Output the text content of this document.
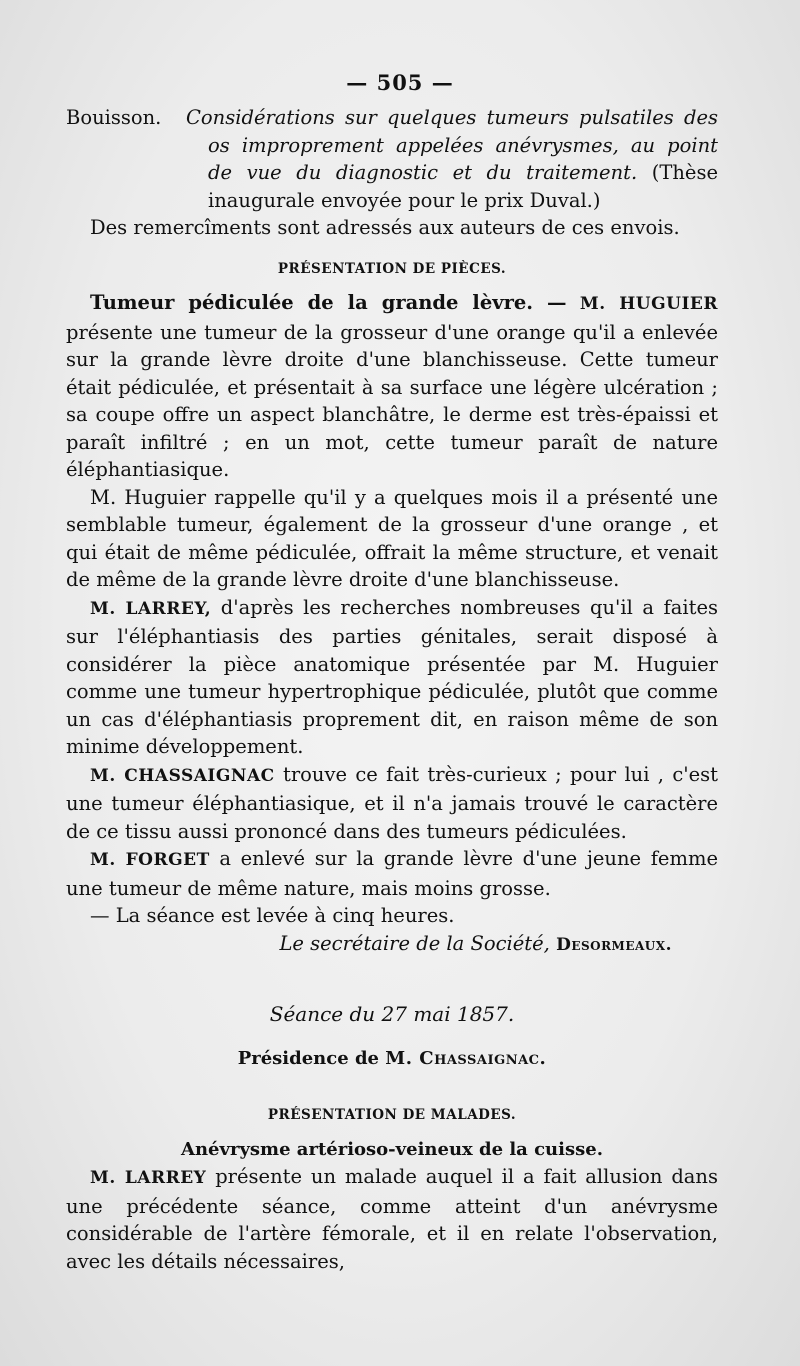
— 505 —
Bouisson.	Considérations sur quelques tumeurs pulsatiles des os improprement appelées anévrysmes, au point de vue du diagnostic et du traitement. (Thèse inaugurale envoyée pour le prix Duval.)

Des remercîments sont adressés aux auteurs de ces envois.

PRÉSENTATION DE PIÈCES.

Tumeur pédiculée de la grande lèvre. — M. HUGUIER présente une tumeur de la grosseur d'une orange qu'il a enlevée sur la grande lèvre droite d'une blanchisseuse. Cette tumeur était pédiculée, et présentait à sa surface une légère ulcération ; sa coupe offre un aspect blanchâtre, le derme est très-épaissi et paraît infiltré ; en un mot, cette tumeur paraît de nature éléphantiasique.

M. Huguier rappelle qu'il y a quelques mois il a présenté une semblable tumeur, également de la grosseur d'une orange , et qui était de même pédiculée, offrait la même structure, et venait de même de la grande lèvre droite d'une blanchisseuse.

M. LARREY, d'après les recherches nombreuses qu'il a faites sur l'éléphantiasis des parties génitales, serait disposé à considérer la pièce anatomique présentée par M. Huguier comme une tumeur hypertrophique pédiculée, plutôt que comme un cas d'éléphantiasis proprement dit, en raison même de son minime développement.

M. CHASSAIGNAC trouve ce fait très-curieux ; pour lui , c'est une tumeur éléphantiasique, et il n'a jamais trouvé le caractère de ce tissu aussi prononcé dans des tumeurs pédiculées.

M. FORGET a enlevé sur la grande lèvre d'une jeune femme une tumeur de même nature, mais moins grosse.

— La séance est levée à cinq heures.

Le secrétaire de la Société, Desormeaux.
Séance du 27 mai 1857.
Présidence de M. Chassaignac.
PRÉSENTATION DE MALADES.
Anévrysme artérioso-veineux de la cuisse.

M. LARREY présente un malade auquel il a fait allusion dans une précédente séance, comme atteint d'un anévrysme considérable de l'artère fémorale, et il en relate l'observation, avec les détails nécessaires,
